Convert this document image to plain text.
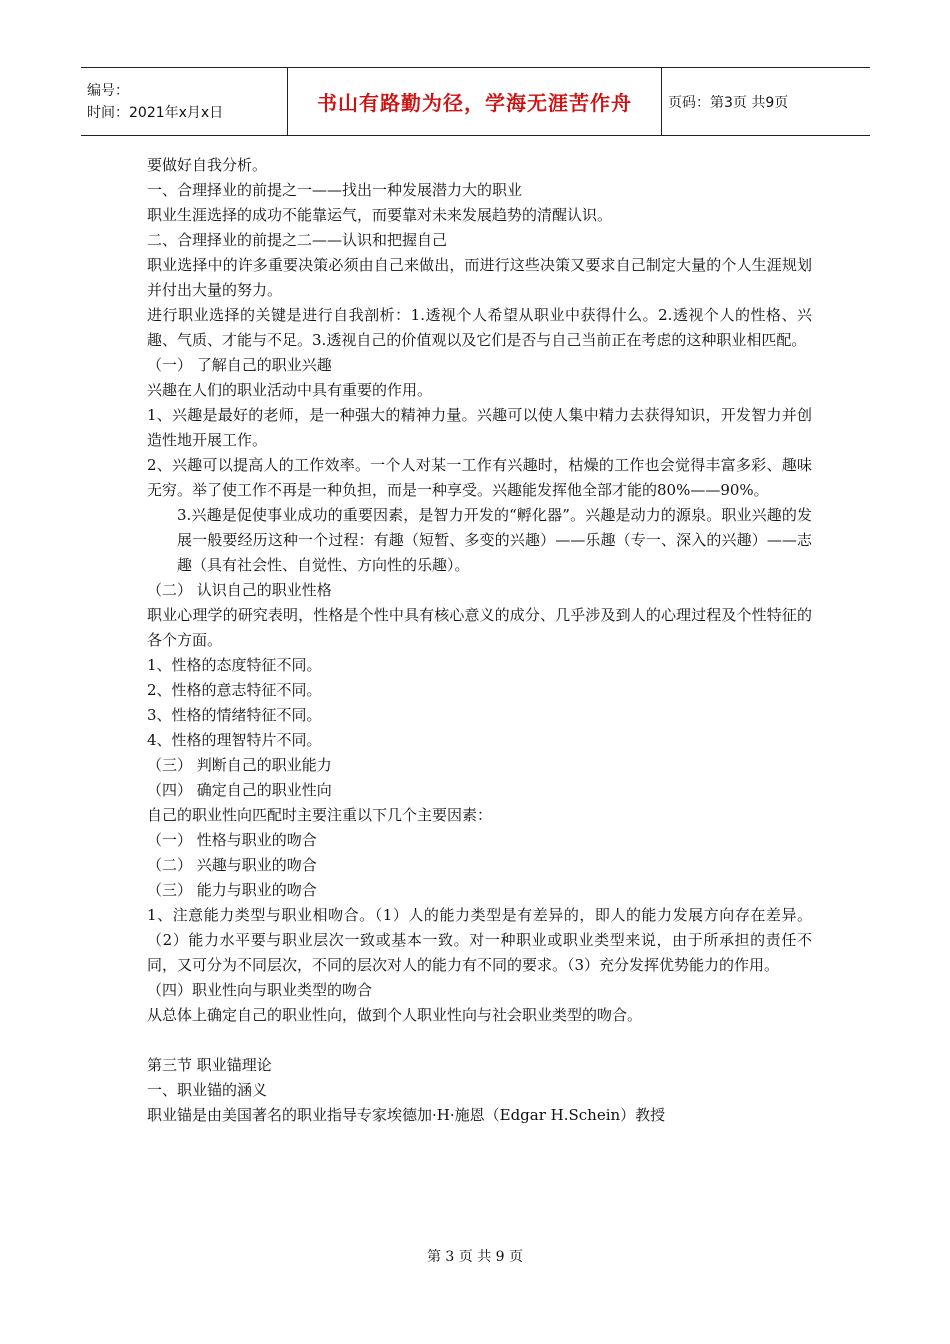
编号：
时间：2021年x月x日	书山有路勤为径，学海无涯苦作舟	页码：第3页 共9页

要做好自我分析。

一、合理择业的前提之一——找出一种发展潜力大的职业

职业生涯选择的成功不能靠运气，而要靠对未来发展趋势的清醒认识。

二、合理择业的前提之二——认识和把握自己

职业选择中的许多重要决策必须由自己来做出，而进行这些决策又要求自己制定大量的个人生涯规划并付出大量的努力。

进行职业选择的关键是进行自我剖析：1.透视个人希望从职业中获得什么。2.透视个人的性格、兴趣、气质、才能与不足。3.透视自己的价值观以及它们是否与自己当前正在考虑的这种职业相匹配。

（一） 了解自己的职业兴趣

兴趣在人们的职业活动中具有重要的作用。

1、兴趣是最好的老师，是一种强大的精神力量。兴趣可以使人集中精力去获得知识，开发智力并创造性地开展工作。

2、兴趣可以提高人的工作效率。一个人对某一工作有兴趣时，枯燥的工作也会觉得丰富多彩、趣味无穷。举了使工作不再是一种负担，而是一种享受。兴趣能发挥他全部才能的80%——90%。

3.兴趣是促使事业成功的重要因素，是智力开发的“孵化器”。兴趣是动力的源泉。职业兴趣的发展一般要经历这种一个过程：有趣（短暂、多变的兴趣）——乐趣（专一、深入的兴趣）——志趣（具有社会性、自觉性、方向性的乐趣）。

（二） 认识自己的职业性格

职业心理学的研究表明，性格是个性中具有核心意义的成分、几乎涉及到人的心理过程及个性特征的各个方面。

1、性格的态度特征不同。

2、性格的意志特征不同。

3、性格的情绪特征不同。

4、性格的理智特片不同。

（三） 判断自己的职业能力

（四） 确定自己的职业性向

自己的职业性向匹配时主要注重以下几个主要因素：

（一） 性格与职业的吻合

（二） 兴趣与职业的吻合

（三） 能力与职业的吻合

1、注意能力类型与职业相吻合。（1）人的能力类型是有差异的，即人的能力发展方向存在差异。（2）能力水平要与职业层次一致或基本一致。对一种职业或职业类型来说，由于所承担的责任不同，又可分为不同层次，不同的层次对人的能力有不同的要求。（3）充分发挥优势能力的作用。

（四）职业性向与职业类型的吻合

从总体上确定自己的职业性向，做到个人职业性向与社会职业类型的吻合。

第三节 职业锚理论

一、职业锚的涵义

职业锚是由美国著名的职业指导专家埃德加·H·施恩（Edgar H.Schein）教授

第 3 页 共 9 页
